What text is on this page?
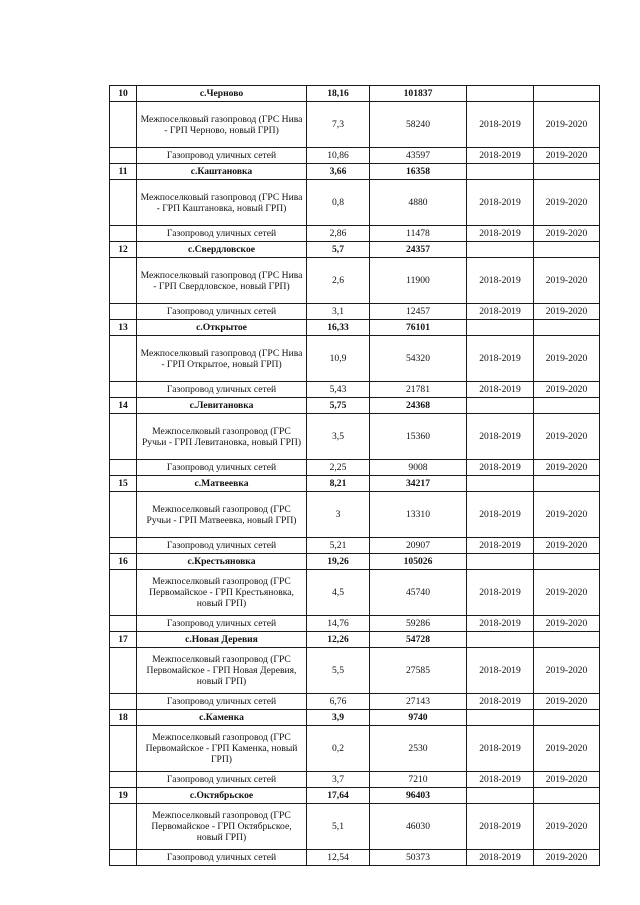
10	с.Черново	18,16	101837		
	Межпоселковый газопровод (ГРС Нива - ГРП Черново, новый ГРП)	7,3	58240	2018-2019	2019-2020
	Газопровод уличных сетей	10,86	43597	2018-2019	2019-2020
11	с.Каштановка	3,66	16358		
	Межпоселковый газопровод (ГРС Нива - ГРП Каштановка, новый ГРП)	0,8	4880	2018-2019	2019-2020
	Газопровод уличных сетей	2,86	11478	2018-2019	2019-2020
12	с.Свердловское	5,7	24357		
	Межпоселковый газопровод (ГРС Нива - ГРП Свердловское, новый ГРП)	2,6	11900	2018-2019	2019-2020
	Газопровод уличных сетей	3,1	12457	2018-2019	2019-2020
13	с.Открытое	16,33	76101		
	Межпоселковый газопровод (ГРС Нива - ГРП Открытое, новый ГРП)	10,9	54320	2018-2019	2019-2020
	Газопровод уличных сетей	5,43	21781	2018-2019	2019-2020
14	с.Левитановка	5,75	24368		
	Межпоселковый газопровод (ГРС Ручьи - ГРП Левитановка, новый ГРП)	3,5	15360	2018-2019	2019-2020
	Газопровод уличных сетей	2,25	9008	2018-2019	2019-2020
15	с.Матвеевка	8,21	34217		
	Межпоселковый газопровод (ГРС Ручьи - ГРП Матвеевка, новый ГРП)	3	13310	2018-2019	2019-2020
	Газопровод уличных сетей	5,21	20907	2018-2019	2019-2020
16	с.Крестьяновка	19,26	105026		
	Межпоселковый газопровод (ГРС Первомайское - ГРП Крестьяновка, новый ГРП)	4,5	45740	2018-2019	2019-2020
	Газопровод уличных сетей	14,76	59286	2018-2019	2019-2020
17	с.Новая Деревия	12,26	54728		
	Межпоселковый газопровод (ГРС Первомайское - ГРП Новая Деревия, новый ГРП)	5,5	27585	2018-2019	2019-2020
	Газопровод уличных сетей	6,76	27143	2018-2019	2019-2020
18	с.Каменка	3,9	9740		
	Межпоселковый газопровод (ГРС Первомайское - ГРП Каменка, новый ГРП)	0,2	2530	2018-2019	2019-2020
	Газопровод уличных сетей	3,7	7210	2018-2019	2019-2020
19	с.Октябрьское	17,64	96403		
	Межпоселковый газопровод (ГРС Первомайское - ГРП Октябрьское, новый ГРП)	5,1	46030	2018-2019	2019-2020
	Газопровод уличных сетей	12,54	50373	2018-2019	2019-2020
